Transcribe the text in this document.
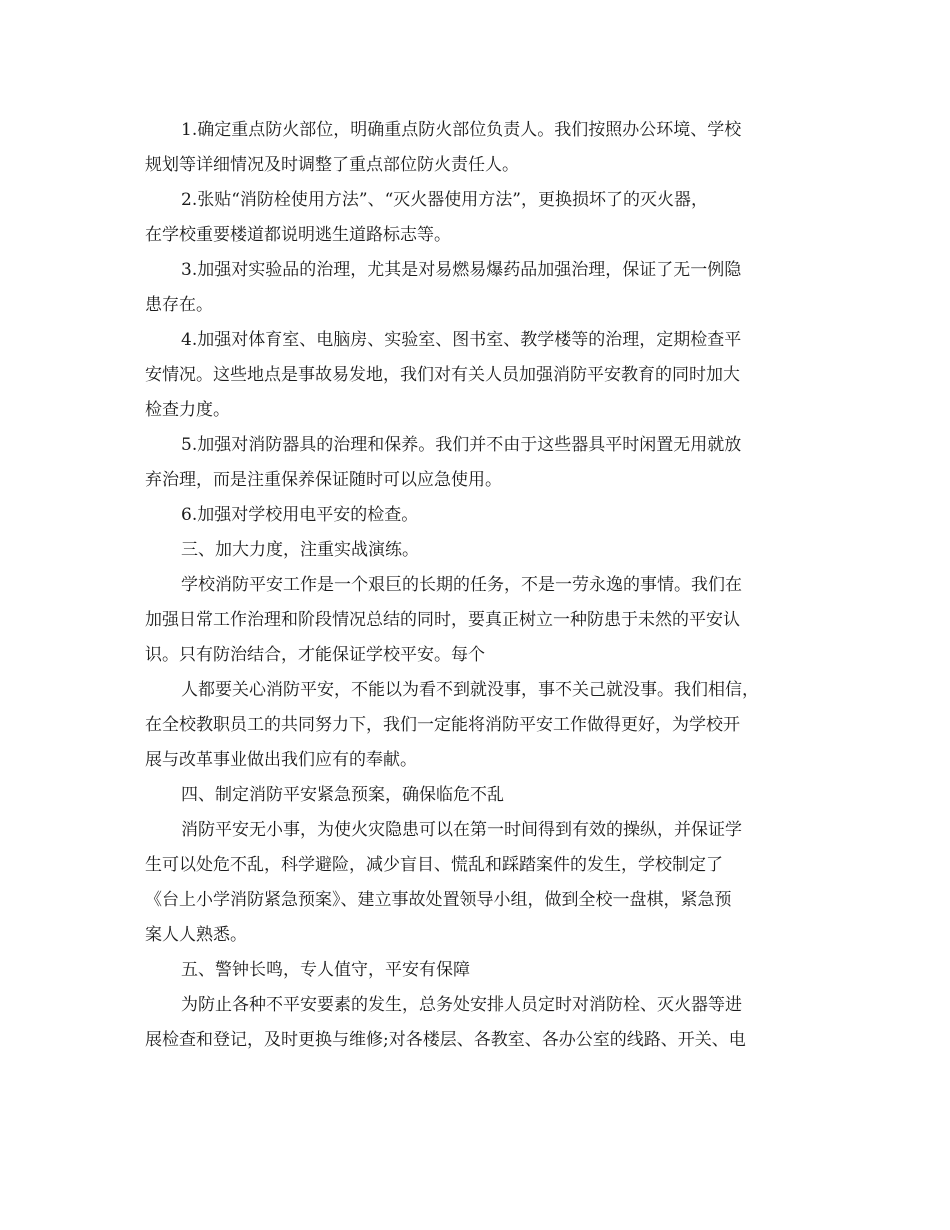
1.确定重点防火部位，明确重点防火部位负责人。我们按照办公环境、学校
规划等详细情况及时调整了重点部位防火责任人。
2.张贴“消防栓使用方法”、“灭火器使用方法”，更换损坏了的灭火器，
在学校重要楼道都说明逃生道路标志等。
3.加强对实验品的治理，尤其是对易燃易爆药品加强治理，保证了无一例隐
患存在。
4.加强对体育室、电脑房、实验室、图书室、教学楼等的治理，定期检查平
安情况。这些地点是事故易发地，我们对有关人员加强消防平安教育的同时加大
检查力度。
5.加强对消防器具的治理和保养。我们并不由于这些器具平时闲置无用就放
弃治理，而是注重保养保证随时可以应急使用。
6.加强对学校用电平安的检查。
三、加大力度，注重实战演练。
学校消防平安工作是一个艰巨的长期的任务，不是一劳永逸的事情。我们在
加强日常工作治理和阶段情况总结的同时，要真正树立一种防患于未然的平安认
识。只有防治结合，才能保证学校平安。每个
人都要关心消防平安，不能以为看不到就没事，事不关己就没事。我们相信，
在全校教职员工的共同努力下，我们一定能将消防平安工作做得更好，为学校开
展与改革事业做出我们应有的奉献。
四、制定消防平安紧急预案，确保临危不乱
消防平安无小事，为使火灾隐患可以在第一时间得到有效的操纵，并保证学
生可以处危不乱，科学避险，减少盲目、慌乱和踩踏案件的发生，学校制定了
《台上小学消防紧急预案》、建立事故处置领导小组，做到全校一盘棋，紧急预
案人人熟悉。
五、警钟长鸣，专人值守，平安有保障
为防止各种不平安要素的发生，总务处安排人员定时对消防栓、灭火器等进
展检查和登记，及时更换与维修;对各楼层、各教室、各办公室的线路、开关、电
